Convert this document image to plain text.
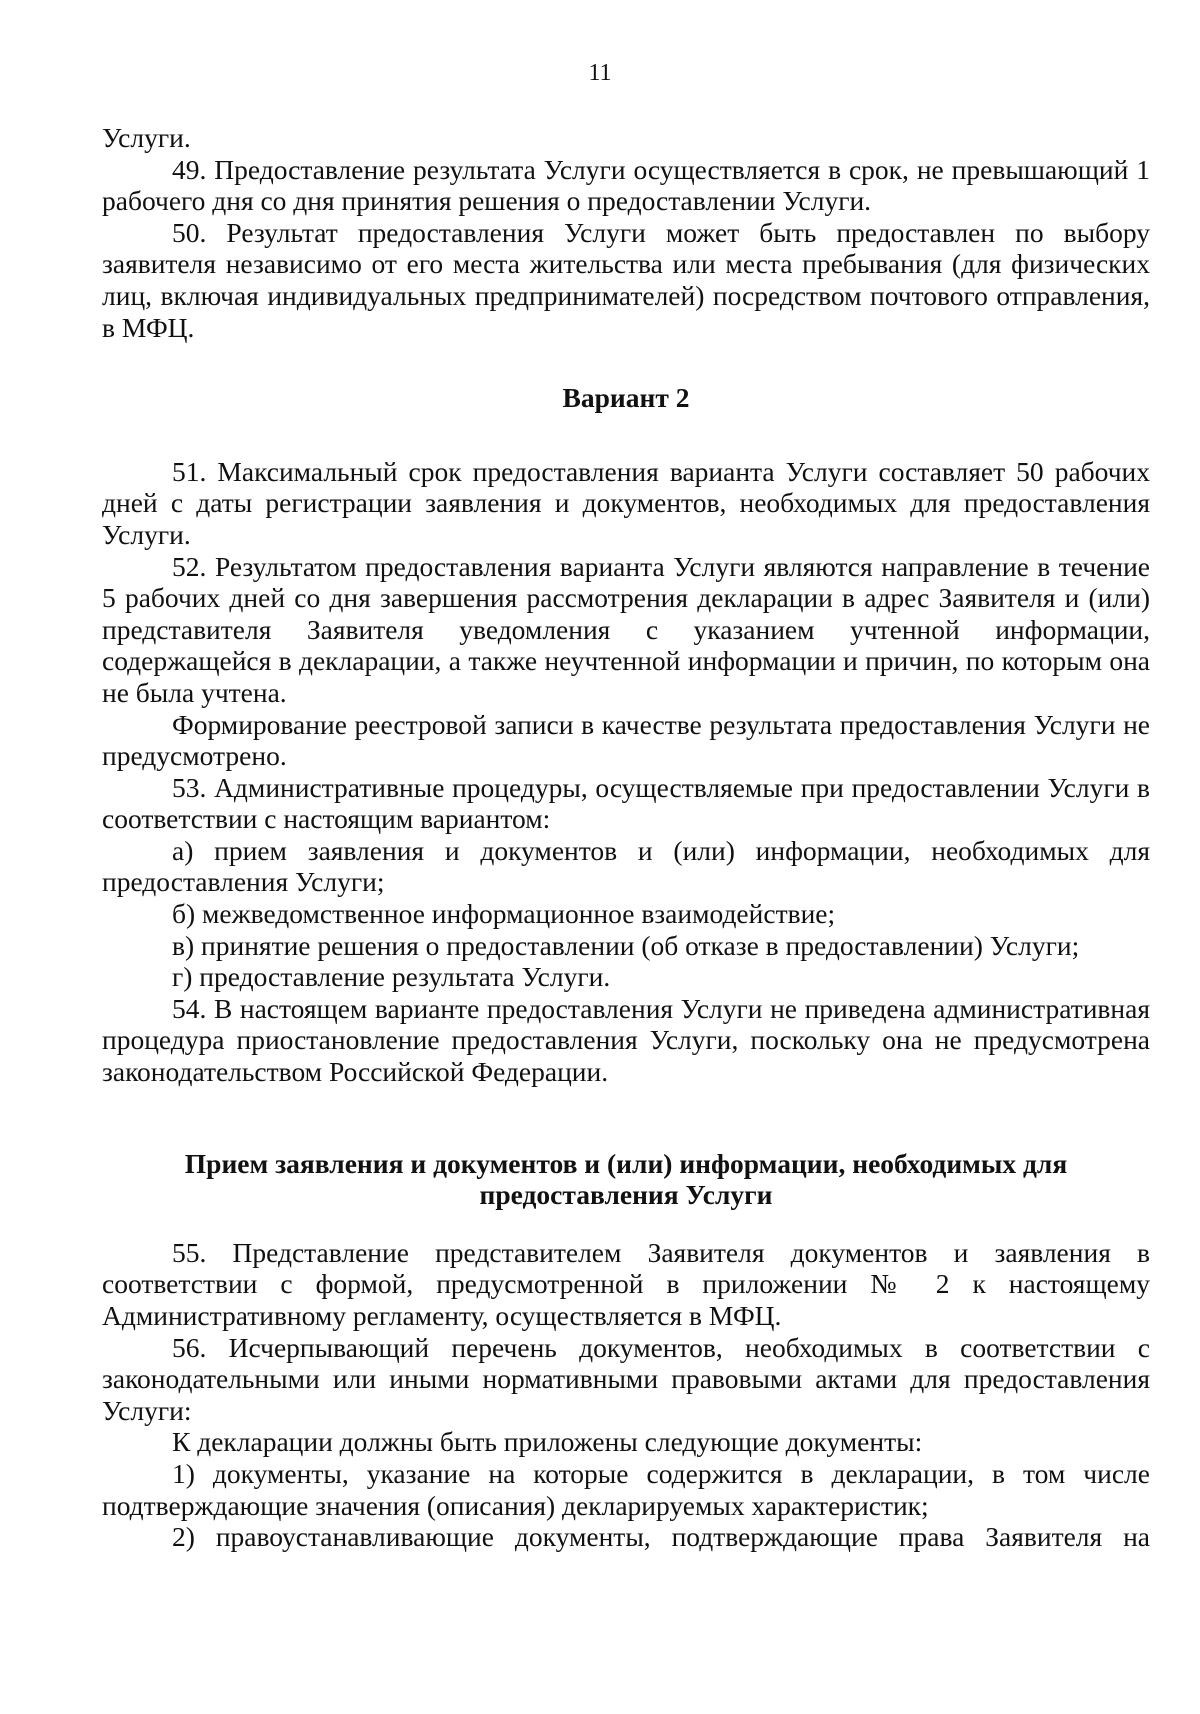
11

Услуги.

49. Предоставление результата Услуги осуществляется в срок, не превышающий 1 рабочего дня со дня принятия решения о предоставлении Услуги.

50. Результат предоставления Услуги может быть предоставлен по выбору заявителя независимо от его места жительства или места пребывания (для физических лиц, включая индивидуальных предпринимателей) посредством почтового отправления, в МФЦ.

Вариант 2

51. Максимальный срок предоставления варианта Услуги составляет 50 рабочих дней с даты регистрации заявления и документов, необходимых для предоставления Услуги.

52. Результатом предоставления варианта Услуги являются направление в течение 5 рабочих дней со дня завершения рассмотрения декларации в адрес Заявителя и (или) представителя Заявителя уведомления с указанием учтенной информации, содержащейся в декларации, а также неучтенной информации и причин, по которым она не была учтена.

Формирование реестровой записи в качестве результата предоставления Услуги не предусмотрено.

53. Административные процедуры, осуществляемые при предоставлении Услуги в соответствии с настоящим вариантом:

а) прием заявления и документов и (или) информации, необходимых для предоставления Услуги;

б) межведомственное информационное взаимодействие;

в) принятие решения о предоставлении (об отказе в предоставлении) Услуги;

г) предоставление результата Услуги.

54. В настоящем варианте предоставления Услуги не приведена административная процедура приостановление предоставления Услуги, поскольку она не предусмотрена законодательством Российской Федерации.

Прием заявления и документов и (или) информации, необходимых для
предоставления Услуги

55. Представление представителем Заявителя документов и заявления в соответствии с формой, предусмотренной в приложении № 2 к настоящему Административному регламенту, осуществляется в МФЦ.

56. Исчерпывающий перечень документов, необходимых в соответствии с законодательными или иными нормативными правовыми актами для предоставления Услуги:

К декларации должны быть приложены следующие документы:

1) документы, указание на которые содержится в декларации, в том числе подтверждающие значения (описания) декларируемых характеристик;

2) правоустанавливающие документы, подтверждающие права Заявителя на
